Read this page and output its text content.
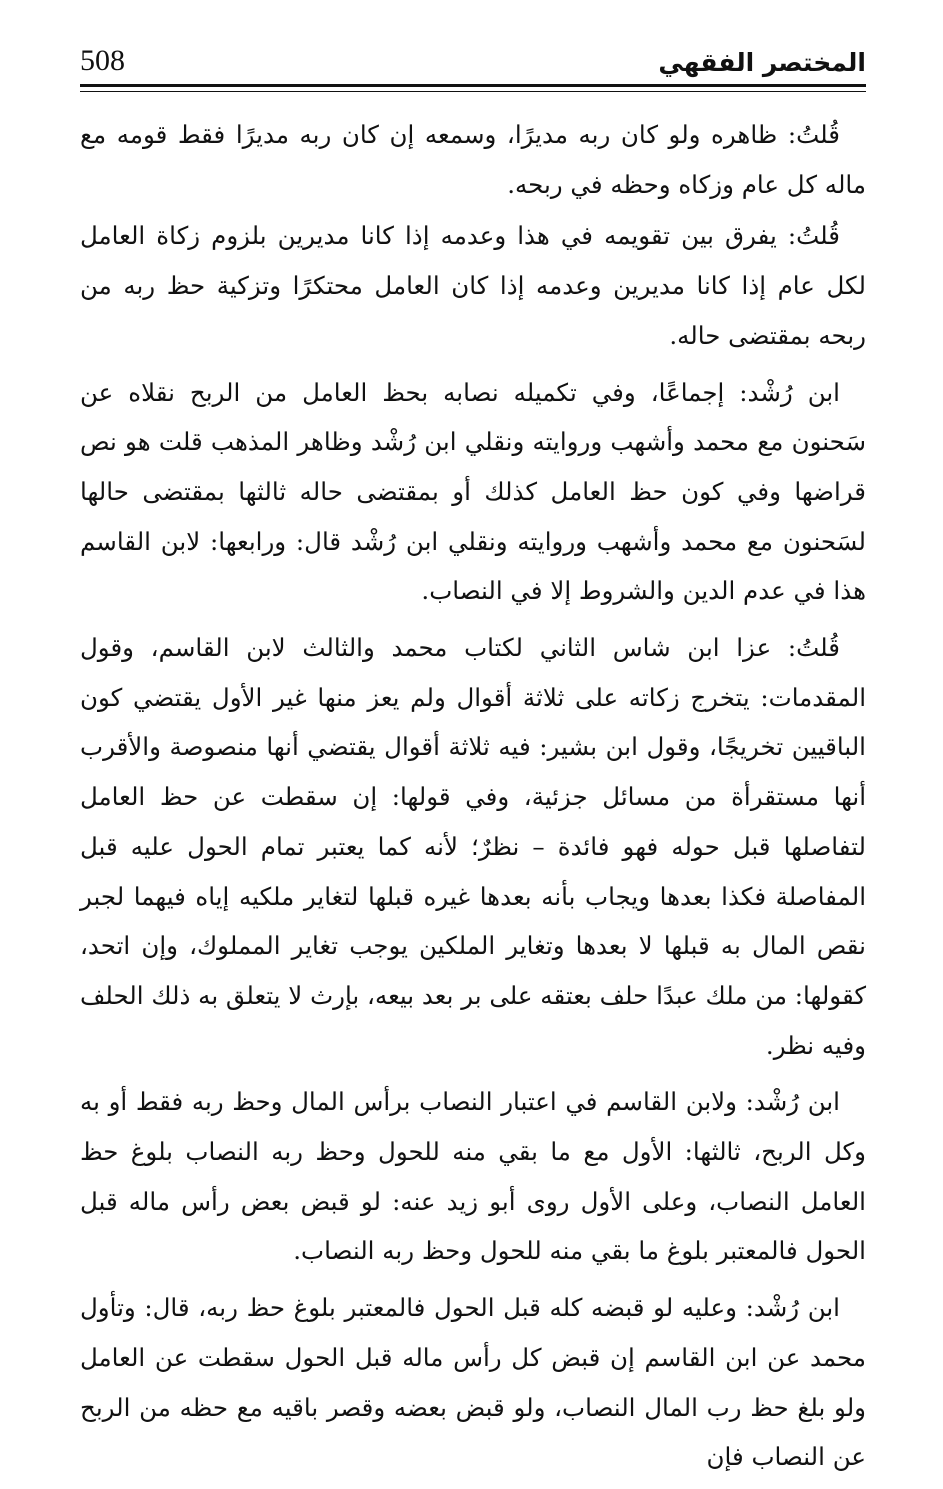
508	المختصر الفقهي

قُلتُ: ظاهره ولو كان ربه مديرًا، وسمعه إن كان ربه مديرًا فقط قومه مع ماله كل عام وزكاه وحظه في ربحه.

قُلتُ: يفرق بين تقويمه في هذا وعدمه إذا كانا مديرين بلزوم زكاة العامل لكل عام إذا كانا مديرين وعدمه إذا كان العامل محتكرًا وتزكية حظ ربه من ربحه بمقتضى حاله.

ابن رُشْد: إجماعًا، وفي تكميله نصابه بحظ العامل من الربح نقلاه عن سَحنون مع محمد وأشهب وروايته ونقلي ابن رُشْد وظاهر المذهب قلت هو نص قراضها وفي كون حظ العامل كذلك أو بمقتضى حاله ثالثها بمقتضى حالها لسَحنون مع محمد وأشهب وروايته ونقلي ابن رُشْد قال: ورابعها: لابن القاسم هذا في عدم الدين والشروط إلا في النصاب.

قُلتُ: عزا ابن شاس الثاني لكتاب محمد والثالث لابن القاسم، وقول المقدمات: يتخرج زكاته على ثلاثة أقوال ولم يعز منها غير الأول يقتضي كون الباقيين تخريجًا، وقول ابن بشير: فيه ثلاثة أقوال يقتضي أنها منصوصة والأقرب أنها مستقرأة من مسائل جزئية، وفي قولها: إن سقطت عن حظ العامل لتفاصلها قبل حوله فهو فائدة – نظرٌ؛ لأنه كما يعتبر تمام الحول عليه قبل المفاصلة فكذا بعدها ويجاب بأنه بعدها غيره قبلها لتغاير ملكيه إياه فيهما لجبر نقص المال به قبلها لا بعدها وتغاير الملكين يوجب تغاير المملوك، وإن اتحد، كقولها: من ملك عبدًا حلف بعتقه على بر بعد بيعه، بإرث لا يتعلق به ذلك الحلف وفيه نظر.

ابن رُشْد: ولابن القاسم في اعتبار النصاب برأس المال وحظ ربه فقط أو به وكل الربح، ثالثها: الأول مع ما بقي منه للحول وحظ ربه النصاب بلوغ حظ العامل النصاب، وعلى الأول روى أبو زيد عنه: لو قبض بعض رأس ماله قبل الحول فالمعتبر بلوغ ما بقي منه للحول وحظ ربه النصاب.

ابن رُشْد: وعليه لو قبضه كله قبل الحول فالمعتبر بلوغ حظ ربه، قال: وتأول محمد عن ابن القاسم إن قبض كل رأس ماله قبل الحول سقطت عن العامل ولو بلغ حظ رب المال النصاب، ولو قبض بعضه وقصر باقيه مع حظه من الربح عن النصاب فإن
